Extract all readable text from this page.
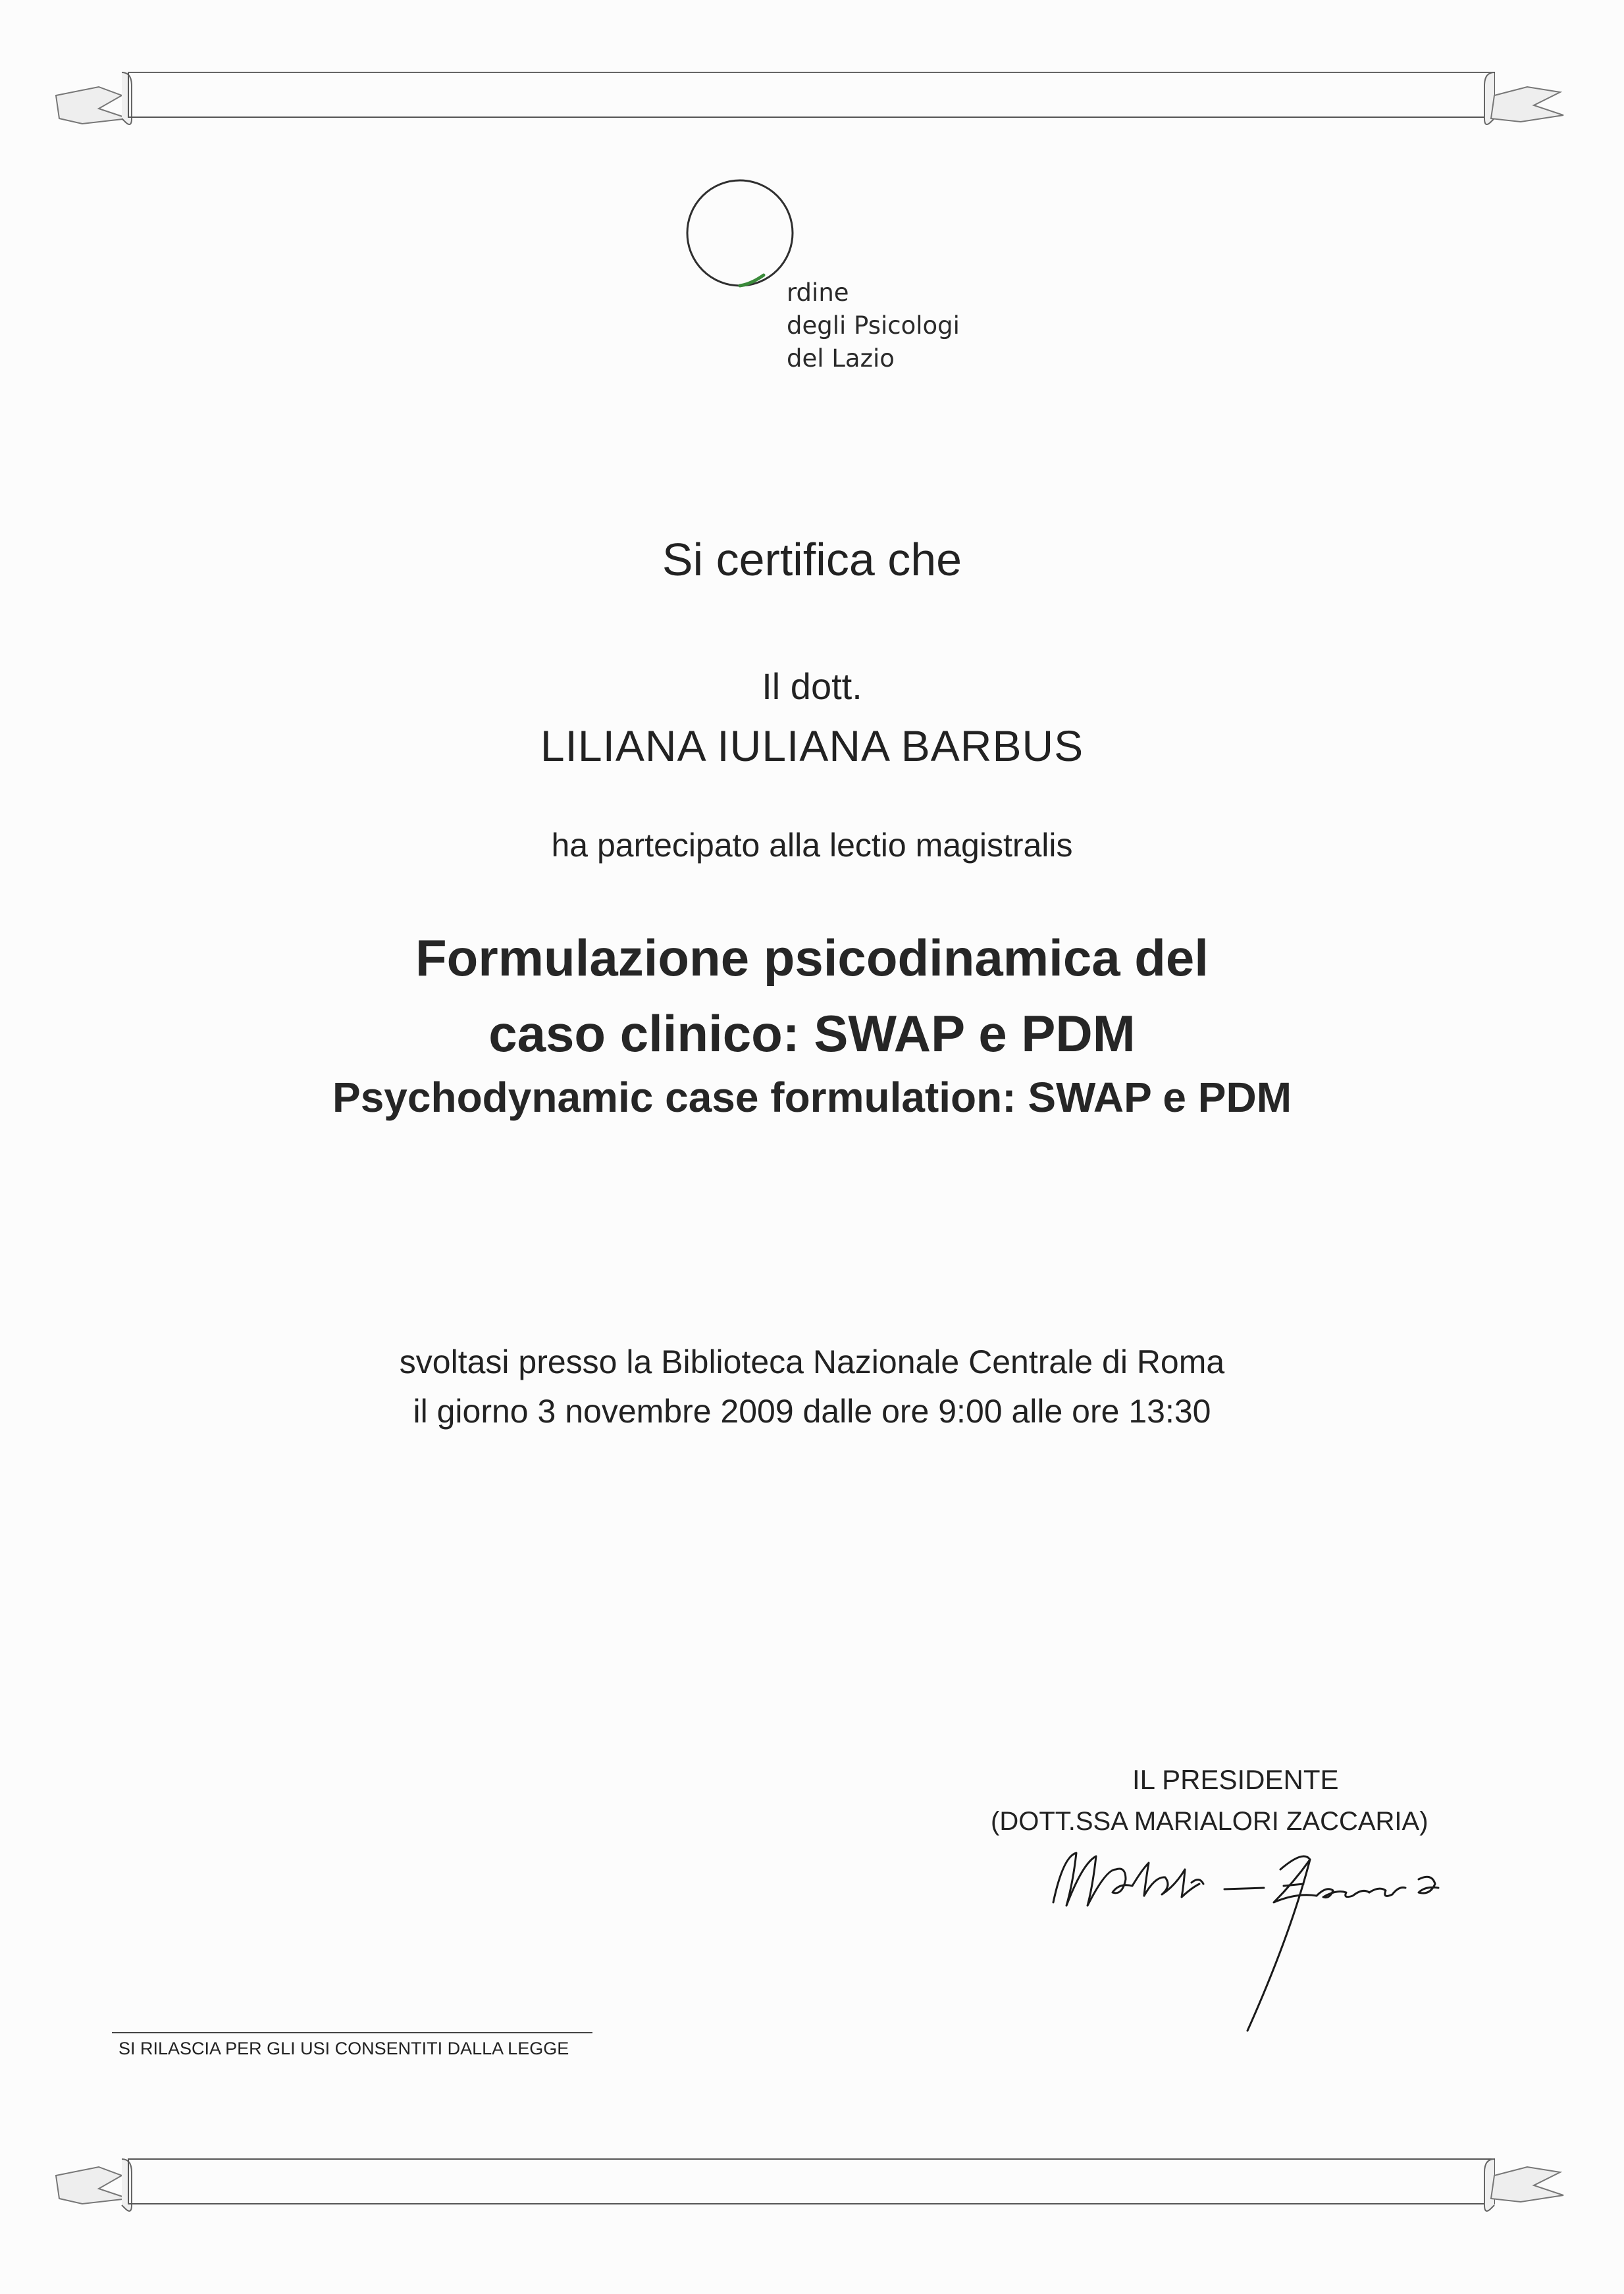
rdine
degli Psicologi
del Lazio
Si certifica che
Il dott.
LILIANA IULIANA BARBUS
ha partecipato alla lectio magistralis
Formulazione psicodinamica del
caso clinico: SWAP e PDM
Psychodynamic case formulation: SWAP e PDM
svoltasi presso la Biblioteca Nazionale Centrale di Roma
il giorno 3 novembre 2009 dalle ore 9:00 alle ore 13:30
IL PRESIDENTE
(DOTT.SSA MARIALORI ZACCARIA)
SI RILASCIA PER GLI USI CONSENTITI DALLA LEGGE
